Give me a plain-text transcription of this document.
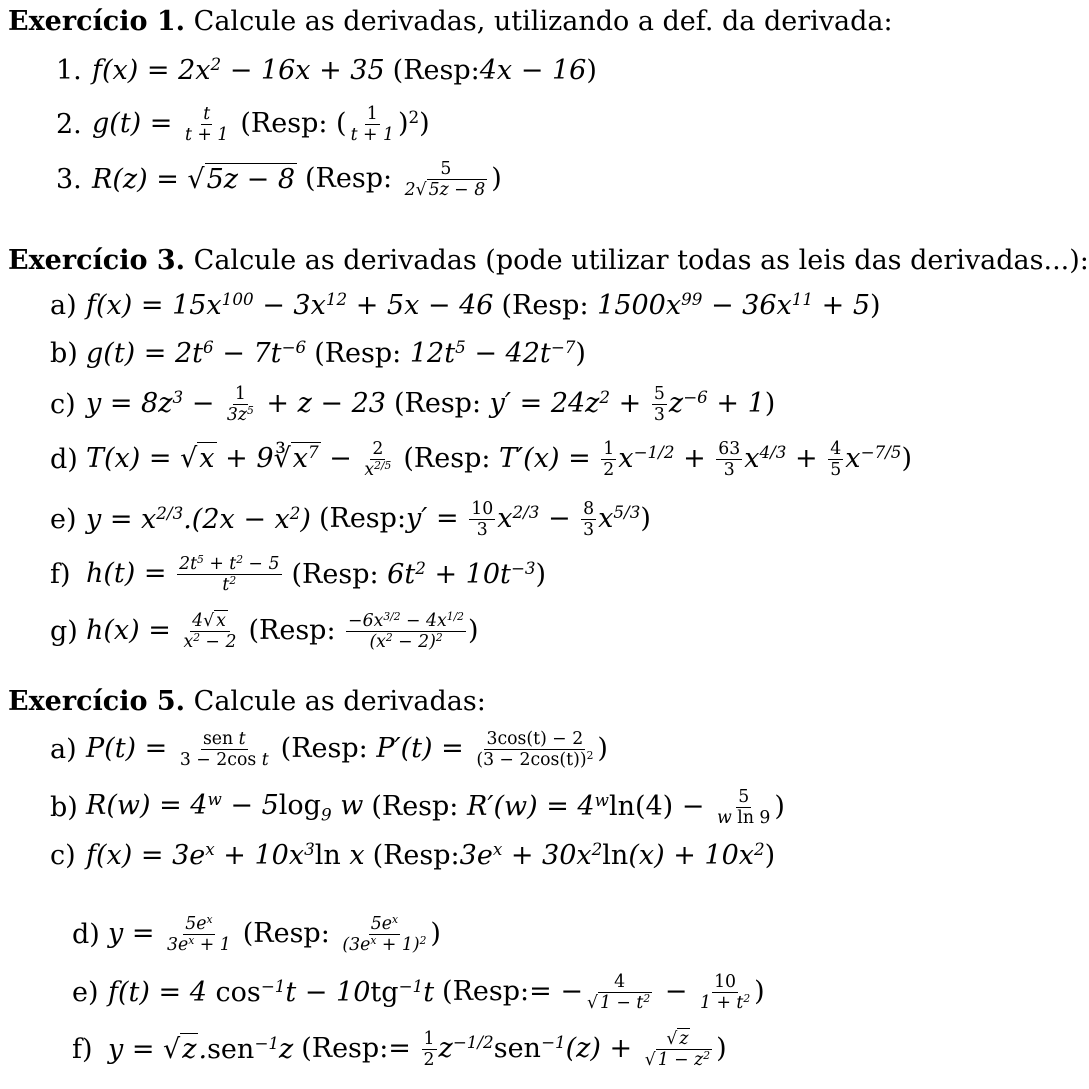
Exercício 1. Calcule as derivadas, utilizando a def. da derivada:
1. $f(x) = 2x^2 - 16x + 35$ (Resp:4x − 16)
2. $g(t) = \frac{t}{t + 1}$ (Resp: ( $\frac{1}{t + 1} )^2$)
3. R(z) = √5z − 8 (Resp: $\frac{5}{2√ 5z - 8}$ )
Exercício 3. Calcule as derivadas (pode utilizar todas as leis das derivadas...):
a) $f(x) = 15x^{100} - 3x^{12} + 5x - 46$ (Resp: $1500x^{99} - 36x^{11} + 5$)
b) $g(t) = 2t^6 - 7t^{-6}$ (Resp: $12t^5 - 42t^{-7}$)
c) $y = 8z^3 - \frac{1}{3z^5} + z - 23$ (Resp: $y' = 24z^2 + \frac{5}{3} z^{-6} + 1$)
d) $T(x) = √x + 9∛x^7 - \frac{2}{x^{2/5}}$ (Resp: $T'(x) = \frac{1}{2} x^{-1/2} + \frac{63}{3} x^{4/3} + \frac{4}{5} x^{-7/5}$)
e) $y = x^{2/3}.(2x - x^2)$ (Resp:y′ = $\frac{10}{3} x^{2/3} - \frac{8}{3} x^{5/3}$)
f) $h(t) = \frac{2t^5 + t^2 - 5}{t^2}$ (Resp: $6t^2 + 10t^{-3}$)
g) $h(x) = \frac{4√ x}{x^2 - 2}$ (Resp: $\frac{-6x^{3/2} - 4x^{1/2}}{(x^2 - 2)^2}$ )
Exercício 5. Calcule as derivadas:
a) $P(t) = \frac{\text{sen t}}{\text{3 − 2cos t}}$ (Resp: $P'(t) = \frac{3\cos(t) - 2}{(3 - 2\cos(t))^2}$ )
b) $R(w) = 4^w - 5\log_9$ w (Resp: $R'(w) = 4^w\ln(4) - \frac{5}{\text{w ln 9}}$ )
c) $f(x) = 3e^x + 10x^3\ln$ x $(Resp:3e^x + 30x^2\ln(x) + 10x^2)$
d) $y = \frac{5e^x}{3e^x + 1}$ (Resp: $\frac{5e^x}{(3e^x + 1)^2}$ )
e) f(t) = 4 $\cos^{-1}t - 10tg^{-1}t$ (Resp:= − $\frac{4}{√ 1 - t^2} - \frac{10}{1 + t^2}$ )
f) y = √z.sen$^{-1}$z (Resp:= $\frac{1}{2} z^{-1/2}sen^{-1}(z) + \frac{√ z}{√ 1 - z^2}$ )
